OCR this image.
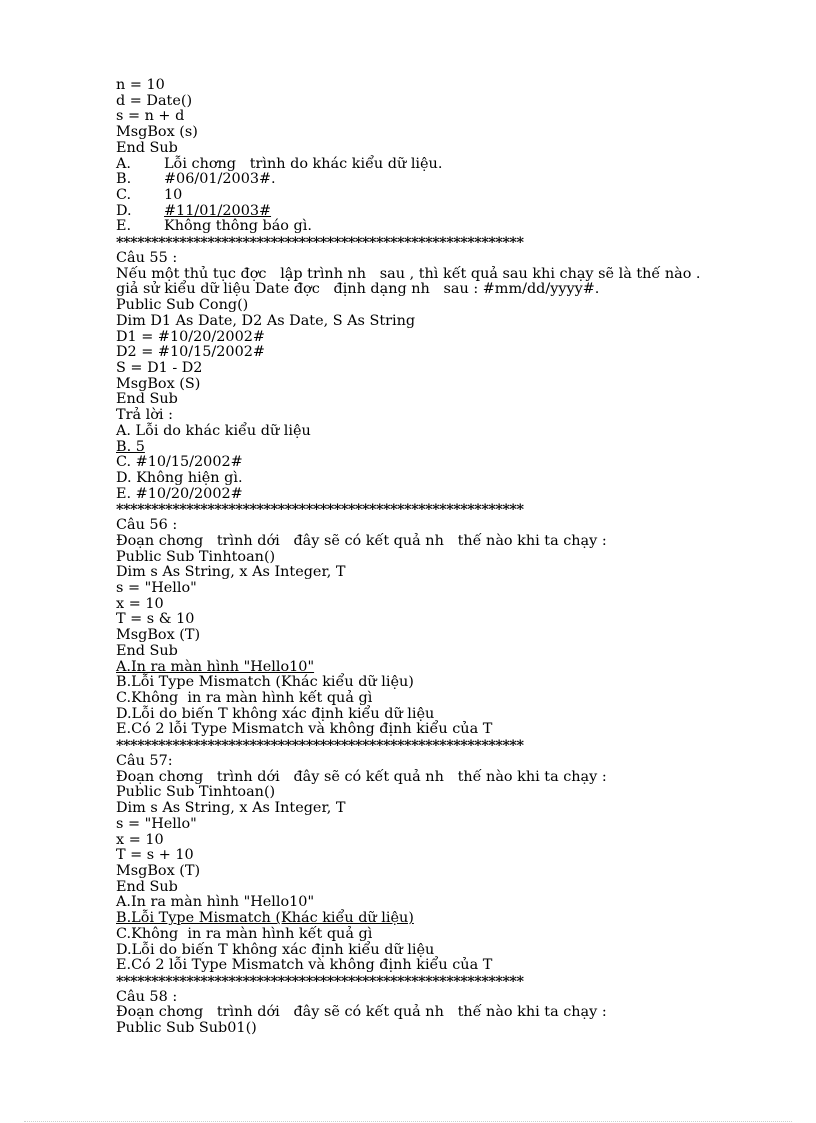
n = 10
d = Date()
s = n + d
MsgBox (s)
End Sub
A. Lỗi chơng   trình do khác kiểu dữ liệu.
B. #06/01/2003#.
C. 10
D. #11/01/2003#
E. Không thông báo gì.
**********************************************************
Câu 55 :
Nếu một thủ tục đợc   lập trình nh   sau , thì kết quả sau khi chạy sẽ là thế nào .
giả sử kiểu dữ liệu Date đợc   định dạng nh   sau : #mm/dd/yyyy#.
Public Sub Cong()
Dim D1 As Date, D2 As Date, S As String
D1 = #10/20/2002#
D2 = #10/15/2002#
S = D1 - D2
MsgBox (S)
End Sub
Trả lời :
A. Lỗi do khác kiểu dữ liệu
B. 5
C. #10/15/2002#
D. Không hiện gì.
E. #10/20/2002#
**********************************************************
Câu 56 :
Đoạn chơng   trình dới   đây sẽ có kết quả nh   thế nào khi ta chạy :
Public Sub Tinhtoan()
Dim s As String, x As Integer, T
s = "Hello"
x = 10
T = s & 10
MsgBox (T)
End Sub
A.In ra màn hình "Hello10"
B.Lỗi Type Mismatch (Khác kiểu dữ liệu)
C.Không  in ra màn hình kết quả gì
D.Lỗi do biến T không xác định kiểu dữ liệu
E.Có 2 lỗi Type Mismatch và không định kiểu của T
**********************************************************
Câu 57:
Đoạn chơng   trình dới   đây sẽ có kết quả nh   thế nào khi ta chạy :
Public Sub Tinhtoan()
Dim s As String, x As Integer, T
s = "Hello"
x = 10
T = s + 10
MsgBox (T)
End Sub
A.In ra màn hình "Hello10"
B.Lỗi Type Mismatch (Khác kiểu dữ liệu)
C.Không  in ra màn hình kết quả gì
D.Lỗi do biến T không xác định kiểu dữ liệu
E.Có 2 lỗi Type Mismatch và không định kiểu của T
**********************************************************
Câu 58 :
Đoạn chơng   trình dới   đây sẽ có kết quả nh   thế nào khi ta chạy :
Public Sub Sub01()
